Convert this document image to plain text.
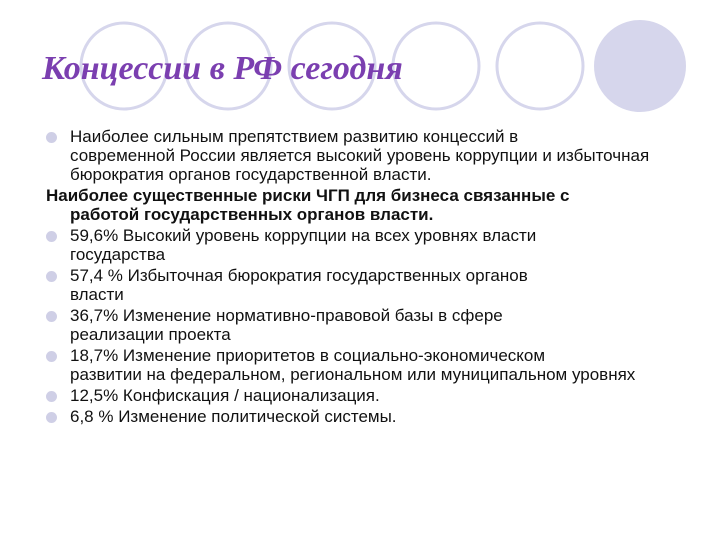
Концессии в РФ сегодня
Наиболее сильным препятствием развитию концессий в
современной России является высокий уровень коррупции и избыточная бюрократия органов государственной власти.
Наиболее существенные риски ЧГП для бизнеса связанные с
работой государственных органов власти.
59,6% Высокий уровень коррупции на всех уровнях власти
государства
57,4 % Избыточная бюрократия государственных органов
власти
36,7% Изменение нормативно-правовой базы в сфере
реализации проекта
18,7% Изменение приоритетов в социально-экономическом
развитии на федеральном, региональном или муниципальном уровнях
12,5% Конфискация / национализация.
6,8 % Изменение политической системы.
